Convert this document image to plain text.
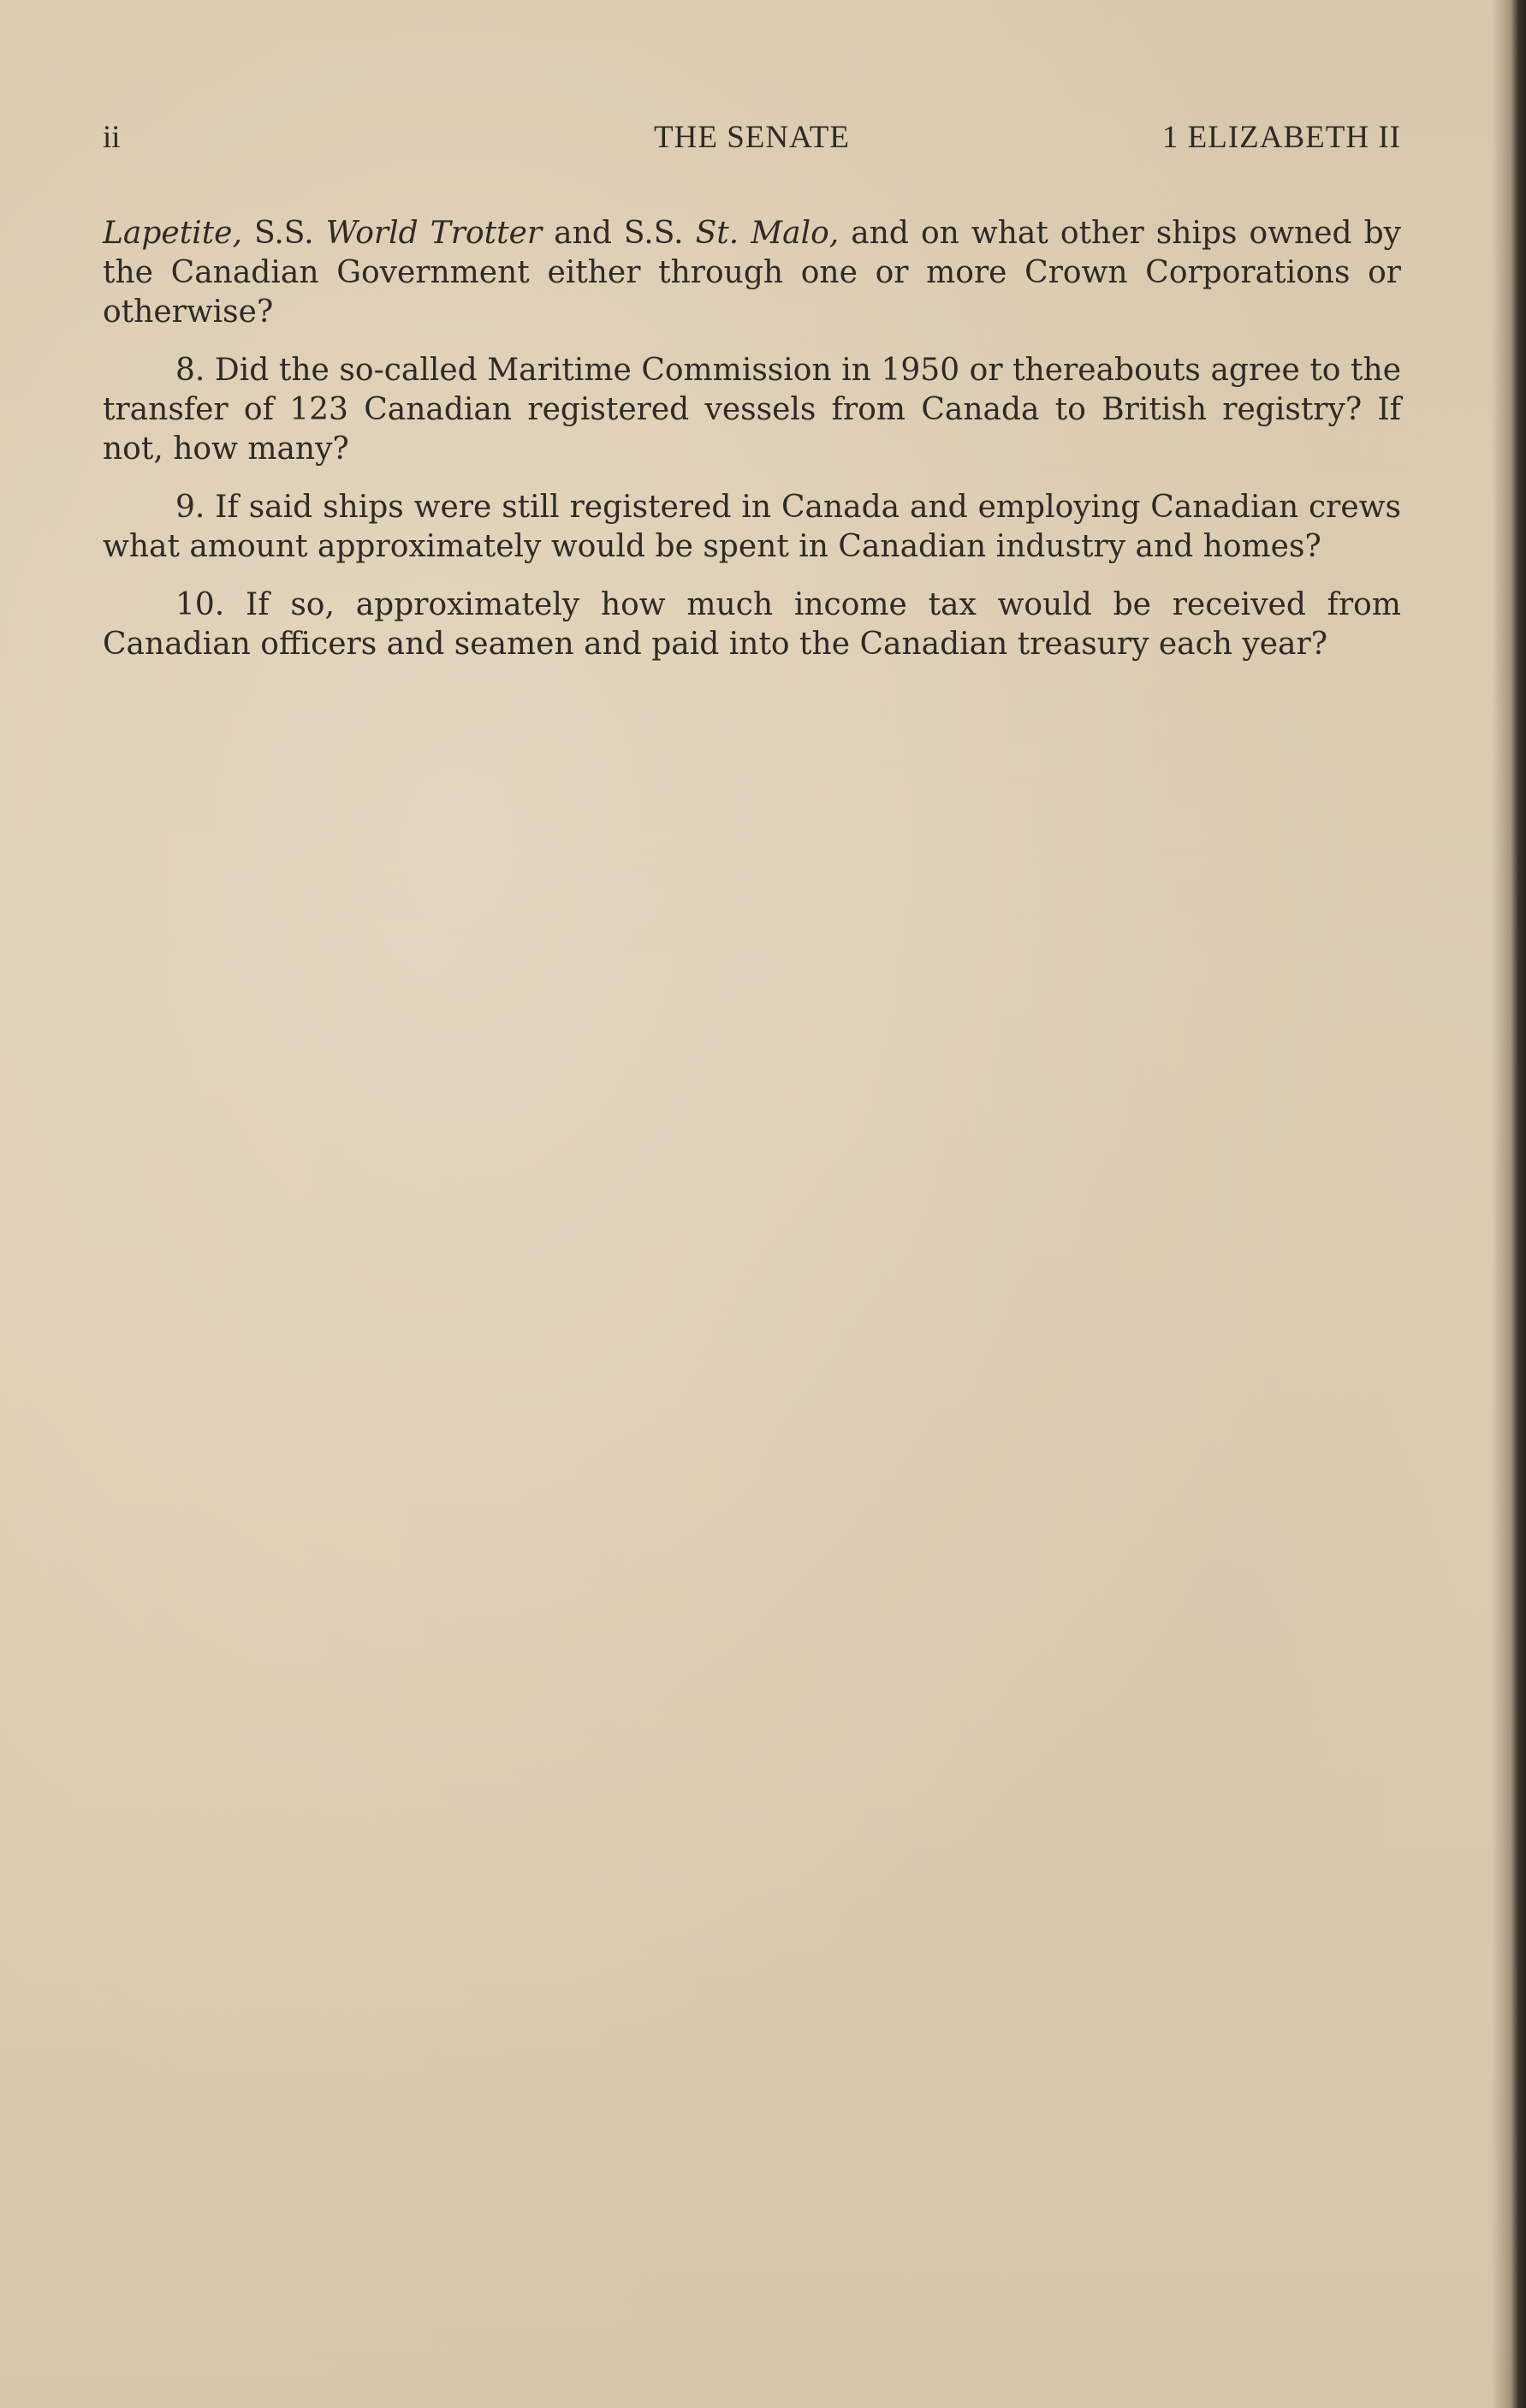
ii	THE SENATE	1 ELIZABETH II

Lapetite, S.S. World Trotter and S.S. St. Malo, and on what other ships owned by the Canadian Government either through one or more Crown Corporations or otherwise?

8. Did the so-called Maritime Commission in 1950 or thereabouts agree to the transfer of 123 Canadian registered vessels from Canada to British registry? If not, how many?

9. If said ships were still registered in Canada and employing Canadian crews what amount approximately would be spent in Canadian industry and homes?

10. If so, approximately how much income tax would be received from Canadian officers and seamen and paid into the Canadian treasury each year?
